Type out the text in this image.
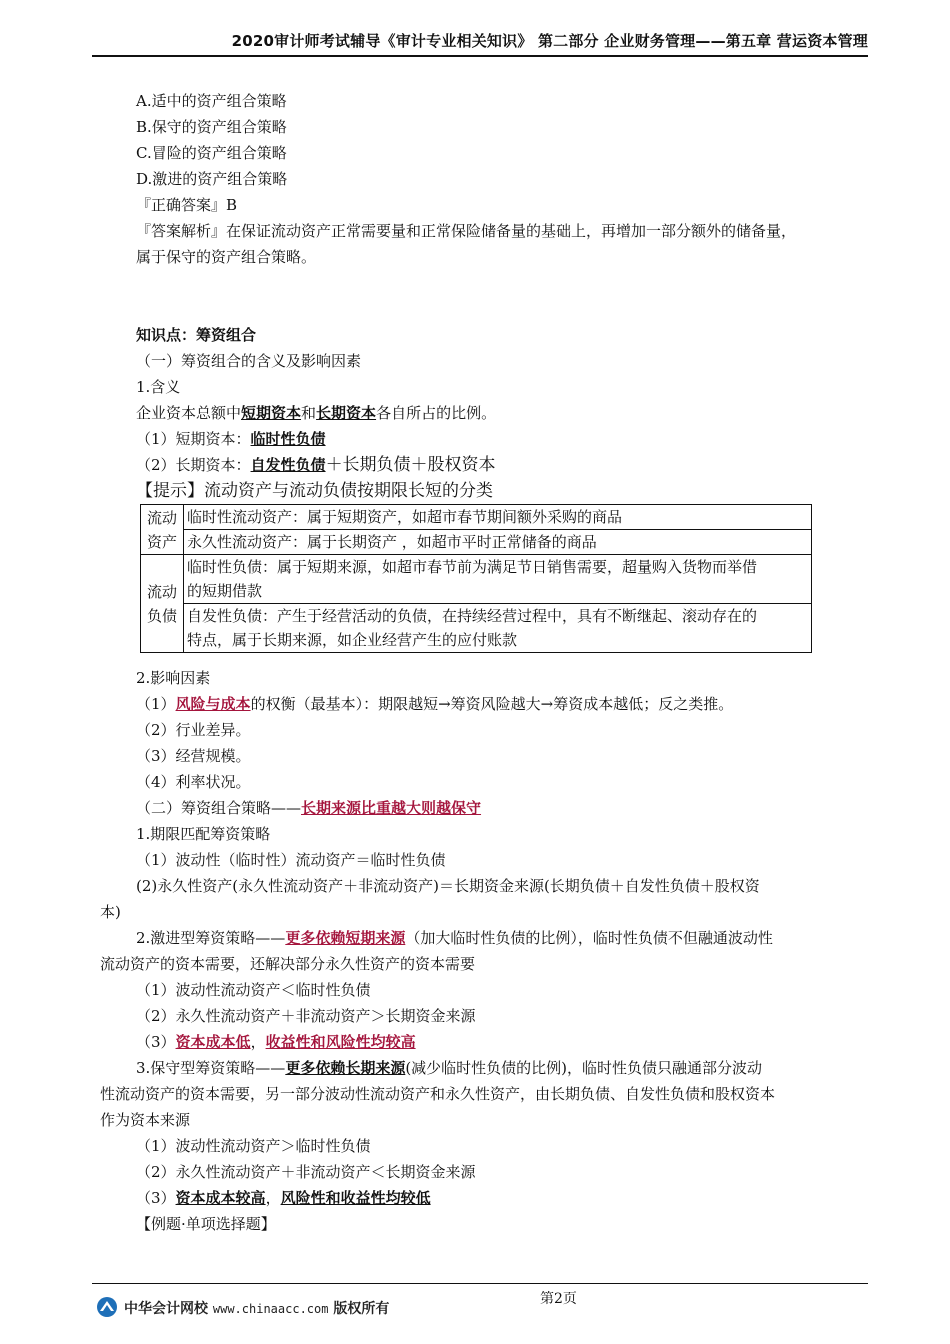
2020审计师考试辅导《审计专业相关知识》 第二部分 企业财务管理——第五章 营运资本管理
A.适中的资产组合策略
B.保守的资产组合策略
C.冒险的资产组合策略
D.激进的资产组合策略
『正确答案』B
『答案解析』在保证流动资产正常需要量和正常保险储备量的基础上，再增加一部分额外的储备量，
属于保守的资产组合策略。
知识点：筹资组合
（一）筹资组合的含义及影响因素
1.含义
企业资本总额中短期资本和长期资本各自所占的比例。
（1）短期资本：临时性负债
（2）长期资本：自发性负债＋长期负债＋股权资本
【提示】流动资产与流动负债按期限长短的分类
流动
资产	临时性流动资产：属于短期资产，如超市春节期间额外采购的商品
	永久性流动资产：属于长期资产 ，如超市平时正常储备的商品
流动
负债	临时性负债：属于短期来源，如超市春节前为满足节日销售需要，超量购入货物而举借
的短期借款
	自发性负债：产生于经营活动的负债，在持续经营过程中，具有不断继起、滚动存在的
特点，属于长期来源，如企业经营产生的应付账款
2.影响因素
（1）风险与成本的权衡（最基本）：期限越短→筹资风险越大→筹资成本越低；反之类推。
（2）行业差异。
（3）经营规模。
（4）利率状况。
（二）筹资组合策略——长期来源比重越大则越保守
1.期限匹配筹资策略
（1）波动性（临时性）流动资产＝临时性负债
(2)永久性资产(永久性流动资产＋非流动资产)＝长期资金来源(长期负债＋自发性负债＋股权资
本)
2.激进型筹资策略——更多依赖短期来源（加大临时性负债的比例），临时性负债不但融通波动性
流动资产的资本需要，还解决部分永久性资产的资本需要
（1）波动性流动资产＜临时性负债
（2）永久性流动资产＋非流动资产＞长期资金来源
（3）资本成本低，收益性和风险性均较高
3.保守型筹资策略——更多依赖长期来源(减少临时性负债的比例)，临时性负债只融通部分波动
性流动资产的资本需要，另一部分波动性流动资产和永久性资产，由长期负债、自发性负债和股权资本
作为资本来源
（1）波动性流动资产＞临时性负债
（2）永久性流动资产＋非流动资产＜长期资金来源
（3）资本成本较高，风险性和收益性均较低
【例题·单项选择题】
第2页
中华会计网校 www.chinaacc.com 版权所有
